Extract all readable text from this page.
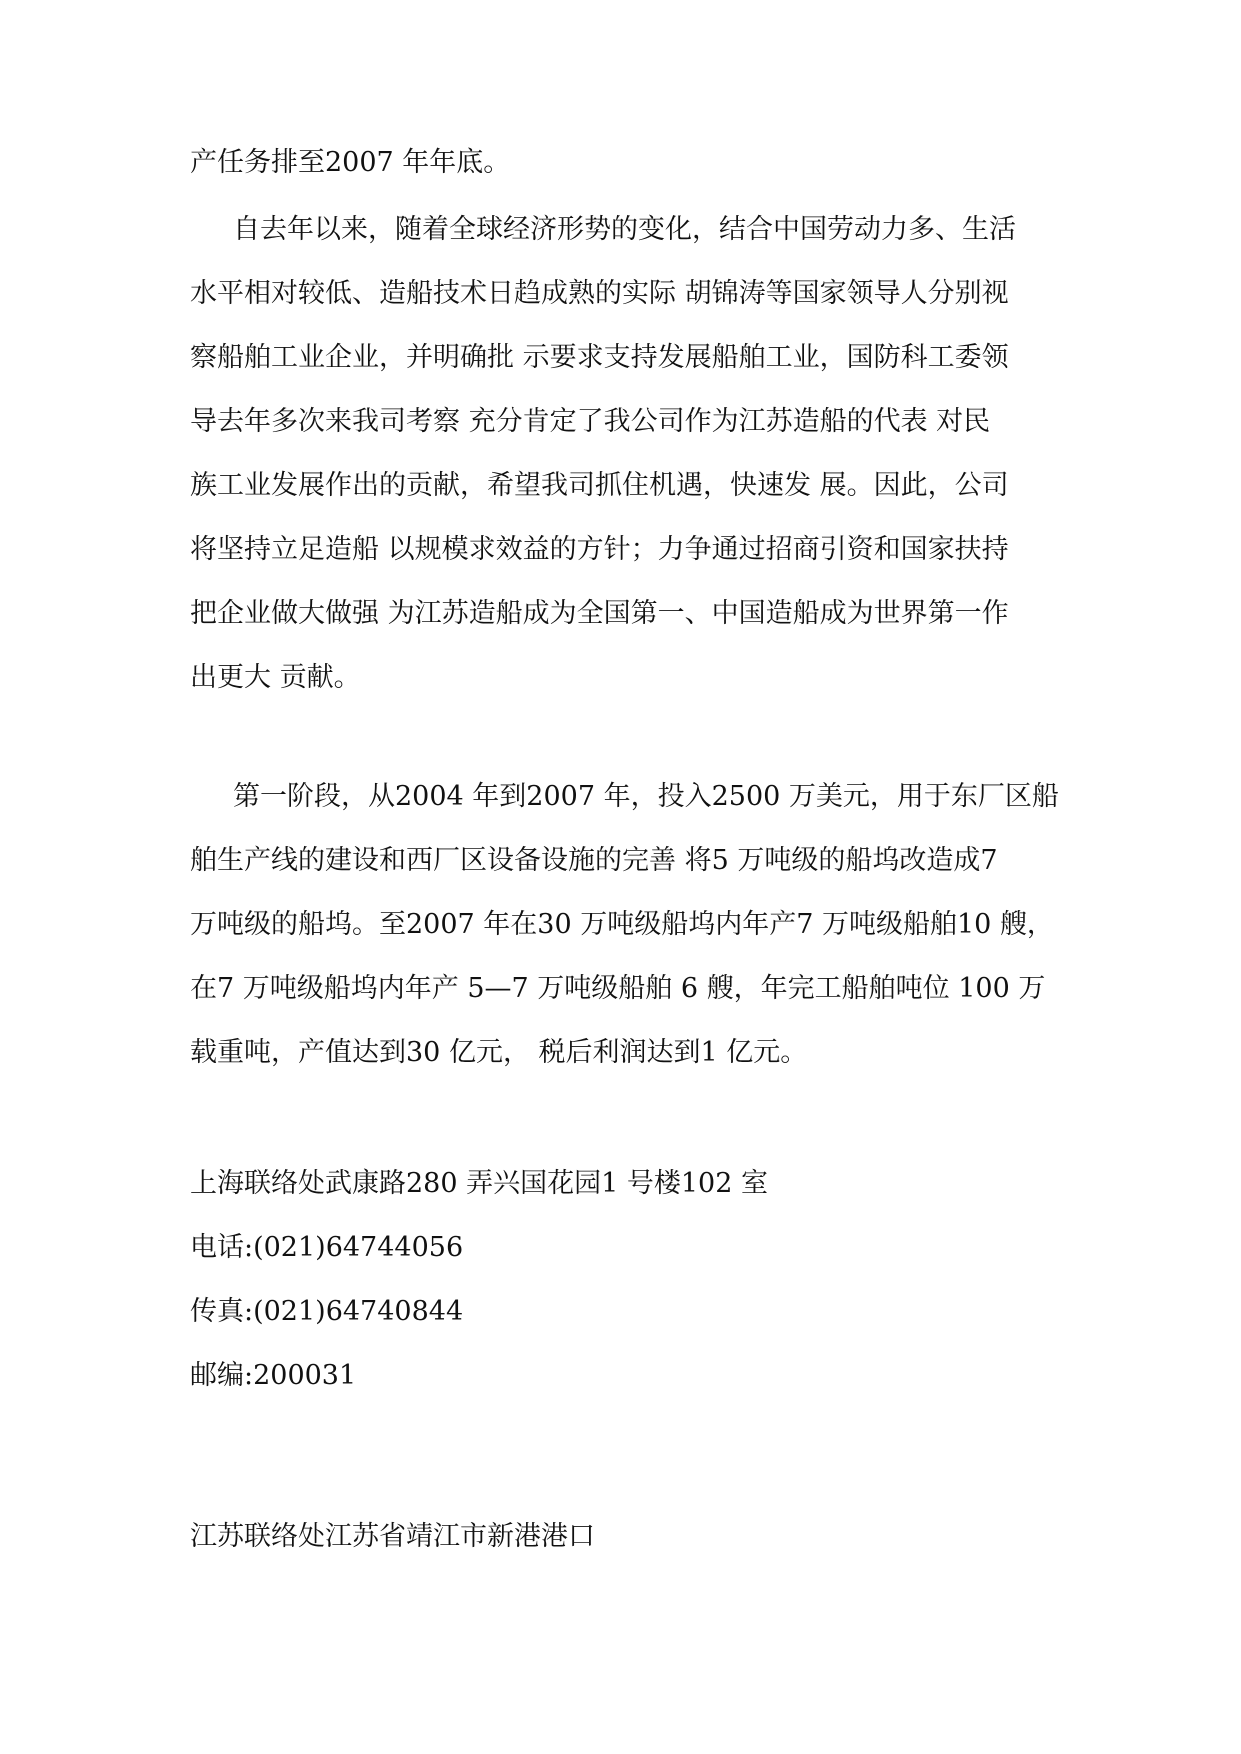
产任务排至2007 年年底。
自去年以来，随着全球经济形势的变化，结合中国劳动力多、生活
水平相对较低、造船技术日趋成熟的实际 胡锦涛等国家领导人分别视
察船舶工业企业，并明确批 示要求支持发展船舶工业，国防科工委领
导去年多次来我司考察 充分肯定了我公司作为江苏造船的代表 对民
族工业发展作出的贡献，希望我司抓住机遇，快速发 展。因此，公司
将坚持立足造船 以规模求效益的方针；力争通过招商引资和国家扶持
把企业做大做强 为江苏造船成为全国第一、中国造船成为世界第一作
出更大 贡献。
第一阶段，从2004 年到2007 年，投入2500 万美元，用于东厂区船
舶生产线的建设和西厂区设备设施的完善 将5 万吨级的船坞改造成7
万吨级的船坞。至2007 年在30 万吨级船坞内年产7 万吨级船舶10 艘，
在7 万吨级船坞内年产 5—7 万吨级船舶 6 艘，年完工船舶吨位 100 万
载重吨，产值达到30 亿元， 税后利润达到1 亿元。
上海联络处武康路280 弄兴国花园1 号楼102 室
电话:(021)64744056
传真:(021)64740844
邮编:200031
江苏联络处江苏省靖江市新港港口
